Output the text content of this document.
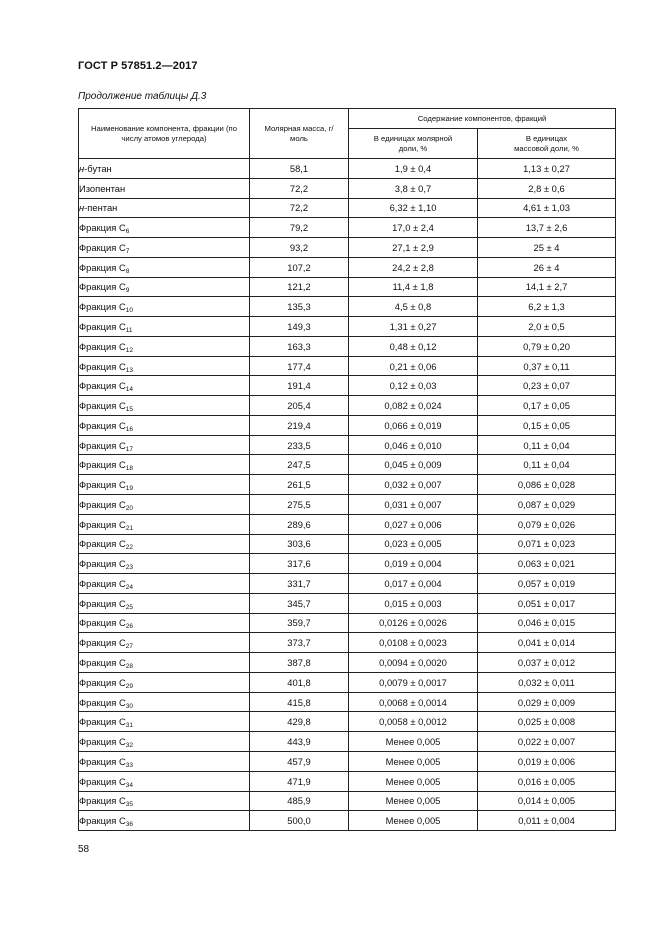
ГОСТ Р 57851.2—2017
Продолжение таблицы Д.3
Наименование компонента, фракции (по числу атомов углерода)	Молярная масса, г/моль	Содержание компонентов, фракций	
		В единицах молярной доли, %	В единицах массовой доли, %
н-бутан	58,1	1,9 ± 0,4	1,13 ± 0,27
Изопентан	72,2	3,8 ± 0,7	2,8 ± 0,6
н-пентан	72,2	6,32 ± 1,10	4,61 ± 1,03
Фракция $С_6$	79,2	17,0 ± 2,4	13,7 ± 2,6
Фракция $С_7$	93,2	27,1 ± 2,9	25 ± 4
Фракция $С_8$	107,2	24,2 ± 2,8	26 ± 4
Фракция $С_9$	121,2	11,4 ± 1,8	14,1 ± 2,7
Фракция $С_{10}$	135,3	4,5 ± 0,8	6,2 ± 1,3
Фракция $С_{11}$	149,3	1,31 ± 0,27	2,0 ± 0,5
Фракция $С_{12}$	163,3	0,48 ± 0,12	0,79 ± 0,20
Фракция $С_{13}$	177,4	0,21 ± 0,06	0,37 ± 0,11
Фракция $С_{14}$	191,4	0,12 ± 0,03	0,23 ± 0,07
Фракция $С_{15}$	205,4	0,082 ± 0,024	0,17 ± 0,05
Фракция $С_{16}$	219,4	0,066 ± 0,019	0,15 ± 0,05
Фракция $С_{17}$	233,5	0,046 ± 0,010	0,11 ± 0,04
Фракция $С_{18}$	247,5	0,045 ± 0,009	0,11 ± 0,04
Фракция $С_{19}$	261,5	0,032 ± 0,007	0,086 ± 0,028
Фракция $С_{20}$	275,5	0,031 ± 0,007	0,087 ± 0,029
Фракция $С_{21}$	289,6	0,027 ± 0,006	0,079 ± 0,026
Фракция $С_{22}$	303,6	0,023 ± 0,005	0,071 ± 0,023
Фракция $С_{23}$	317,6	0,019 ± 0,004	0,063 ± 0,021
Фракция $С_{24}$	331,7	0,017 ± 0,004	0,057 ± 0,019
Фракция $С_{25}$	345,7	0,015 ± 0,003	0,051 ± 0,017
Фракция $С_{26}$	359,7	0,0126 ± 0,0026	0,046 ± 0,015
Фракция $С_{27}$	373,7	0,0108 ± 0,0023	0,041 ± 0,014
Фракция $С_{28}$	387,8	0,0094 ± 0,0020	0,037 ± 0,012
Фракция $С_{29}$	401,8	0,0079 ± 0,0017	0,032 ± 0,011
Фракция $С_{30}$	415,8	0,0068 ± 0,0014	0,029 ± 0,009
Фракция $С_{31}$	429,8	0,0058 ± 0,0012	0,025 ± 0,008
Фракция $С_{32}$	443,9	Менее 0,005	0,022 ± 0,007
Фракция $С_{33}$	457,9	Менее 0,005	0,019 ± 0,006
Фракция $С_{34}$	471,9	Менее 0,005	0,016 ± 0,005
Фракция $С_{35}$	485,9	Менее 0,005	0,014 ± 0,005
Фракция $С_{36}$	500,0	Менее 0,005	0,011 ± 0,004
58
